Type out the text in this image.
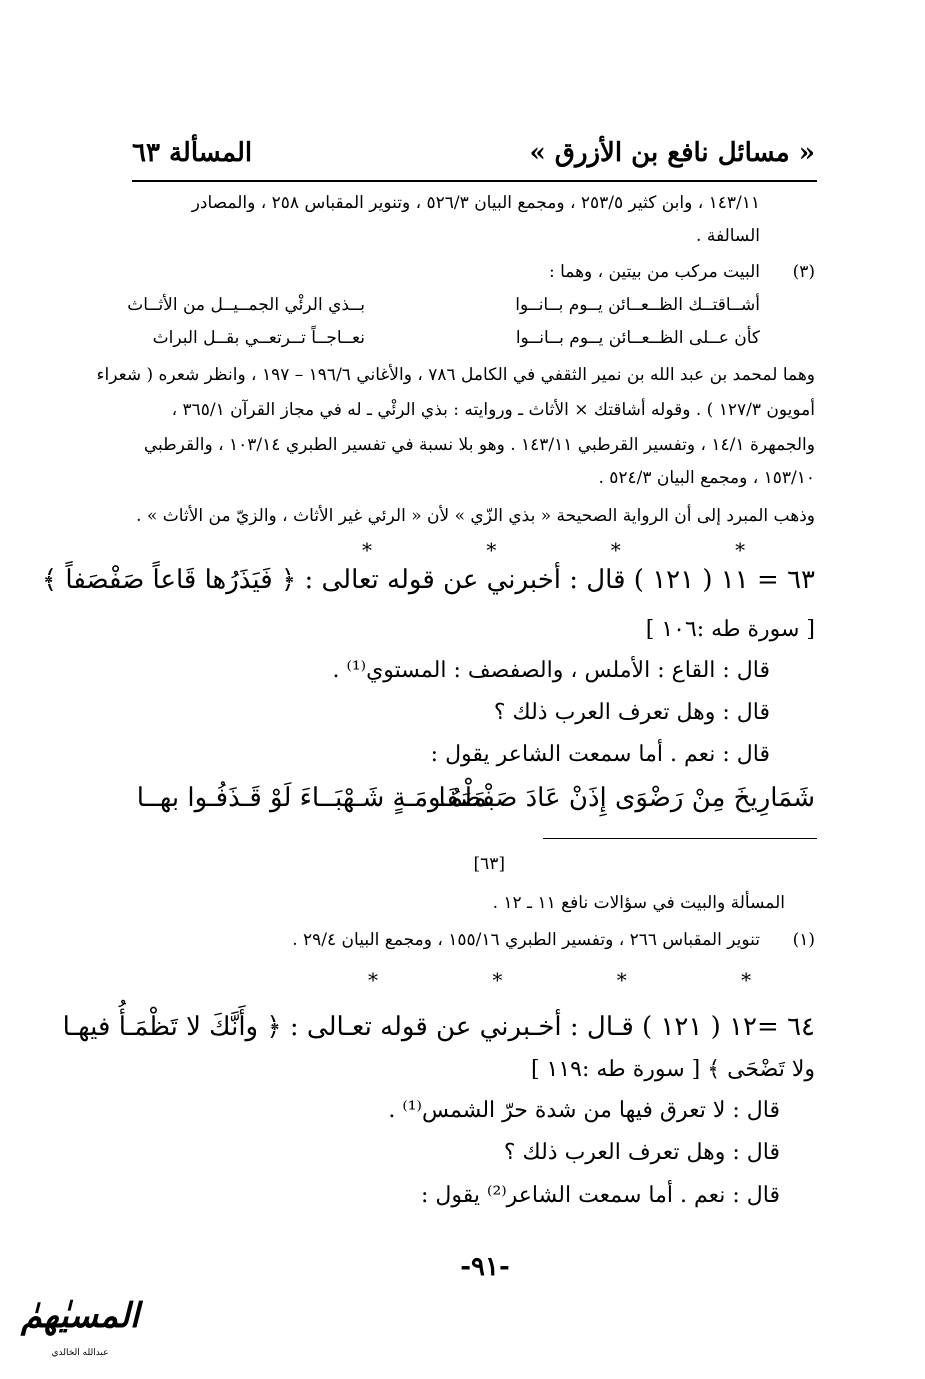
المسألة ٦٣	« مسائل نافع بن الأزرق »
١٤٣/١١ ، وابن كثير ٢٥٣/٥ ، ومجمع البيان ٥٢٦/٣ ، وتنوير المقباس ٢٥٨ ، والمصادر
السالفة .
(٣)
البيت مركب من بيتين ، وهما :
أشــاقتــك الظــعــائن يــوم بــانــوا
بــذي الرئْي الجمــيــل من الأثــاث
كأن عــلى الظــعــائن يــوم بــانــوا
نعــاجــاً تــرتعــي بقــل البراث
وهما لمحمد بن عبد الله بن نمير الثقفي في الكامل ٧٨٦ ، والأغاني ١٩٦/٦ – ١٩٧ ، وانظر شعره ( شعراء
أمويون ١٢٧/٣ ) . وقوله أشاقتك × الأثاث ـ وروايته : بذي الرئْي ـ له في مجاز القرآن ٣٦٥/١ ،
والجمهرة ١٤/١ ، وتفسير القرطبي ١٤٣/١١ . وهو بلا نسبة في تفسير الطبري ١٠٣/١٤ ، والقرطبي
١٥٣/١٠ ، ومجمع البيان ٥٢٤/٣ .
وذهب المبرد إلى أن الرواية الصحيحة « بذي الزّي » لأن « الرئي غير الأثاث ، والزيّ من الأثاث » .
* * * *
٦٣ = ١١ ( ١٢١ ) قال : أخبرني عن قوله تعالى : ﴿ فَيَذَرُها قَاعاً صَفْصَفاً ﴾
[ سورة طه :١٠٦ ]
قال : القاع : الأملس ، والصفصف : المستوي⁽¹⁾ .
قال : وهل تعرف العرب ذلك ؟
قال : نعم . أما سمعت الشاعر يقول :
بمَلْمُـومَـةٍ شَـهْبَــاءَ لَوْ قَـذَفُـوا بهــا
شَمَارِيخَ مِنْ رَضْوَى إِذَنْ عَادَ صَفْصَفَا
[٦٣]
المسألة والبيت في سؤالات نافع ١١ ـ ١٢ .
(١)
تنوير المقباس ٢٦٦ ، وتفسير الطبري ١٥٥/١٦ ، ومجمع البيان ٢٩/٤ .
* * * *
٦٤ =١٢ ( ١٢١ ) قـال : أخـبرني عن قوله تعـالى : ﴿ وأَنَّكَ لا تَظْمَـأُ فيهـا
ولا تَضْحَى ﴾ [ سورة طه :١١٩ ]
قال : لا تعرق فيها من شدة حرّ الشمس⁽¹⁾ .
قال : وهل تعرف العرب ذلك ؟
قال : نعم . أما سمعت الشاعر⁽²⁾ يقول :
-٩١-
المسيٰهمٰ
عبدالله الخالدي
